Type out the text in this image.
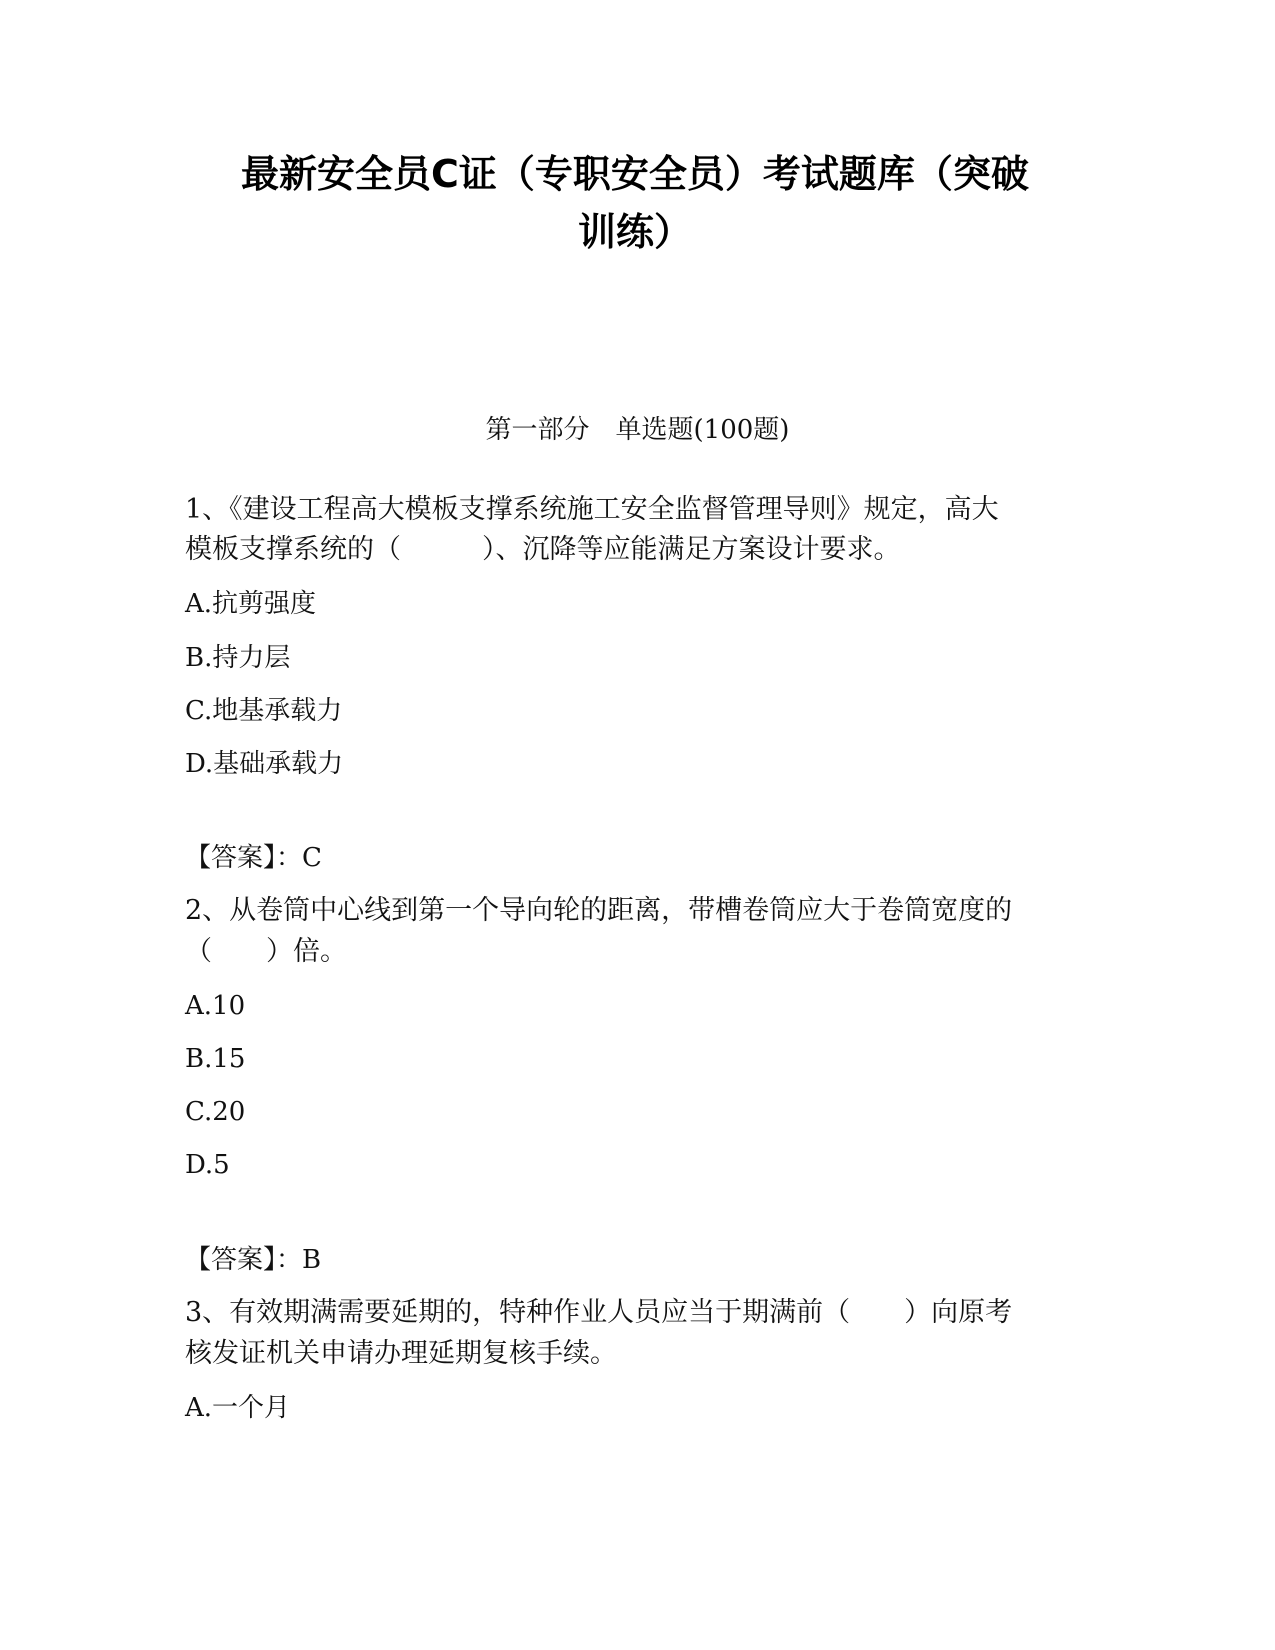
最新安全员C证（专职安全员）考试题库（突破
训练）
第一部分　单选题(100题)
1、《建设工程高大模板支撑系统施工安全监督管理导则》规定，高大
模板支撑系统的（　　　）、沉降等应能满足方案设计要求。
A.抗剪强度
B.持力层
C.地基承载力
D.基础承载力
【答案】：C
2、从卷筒中心线到第一个导向轮的距离，带槽卷筒应大于卷筒宽度的
（　　）倍。
A.10
B.15
C.20
D.5
【答案】：B
3、有效期满需要延期的，特种作业人员应当于期满前（　　）向原考
核发证机关申请办理延期复核手续。
A.一个月
